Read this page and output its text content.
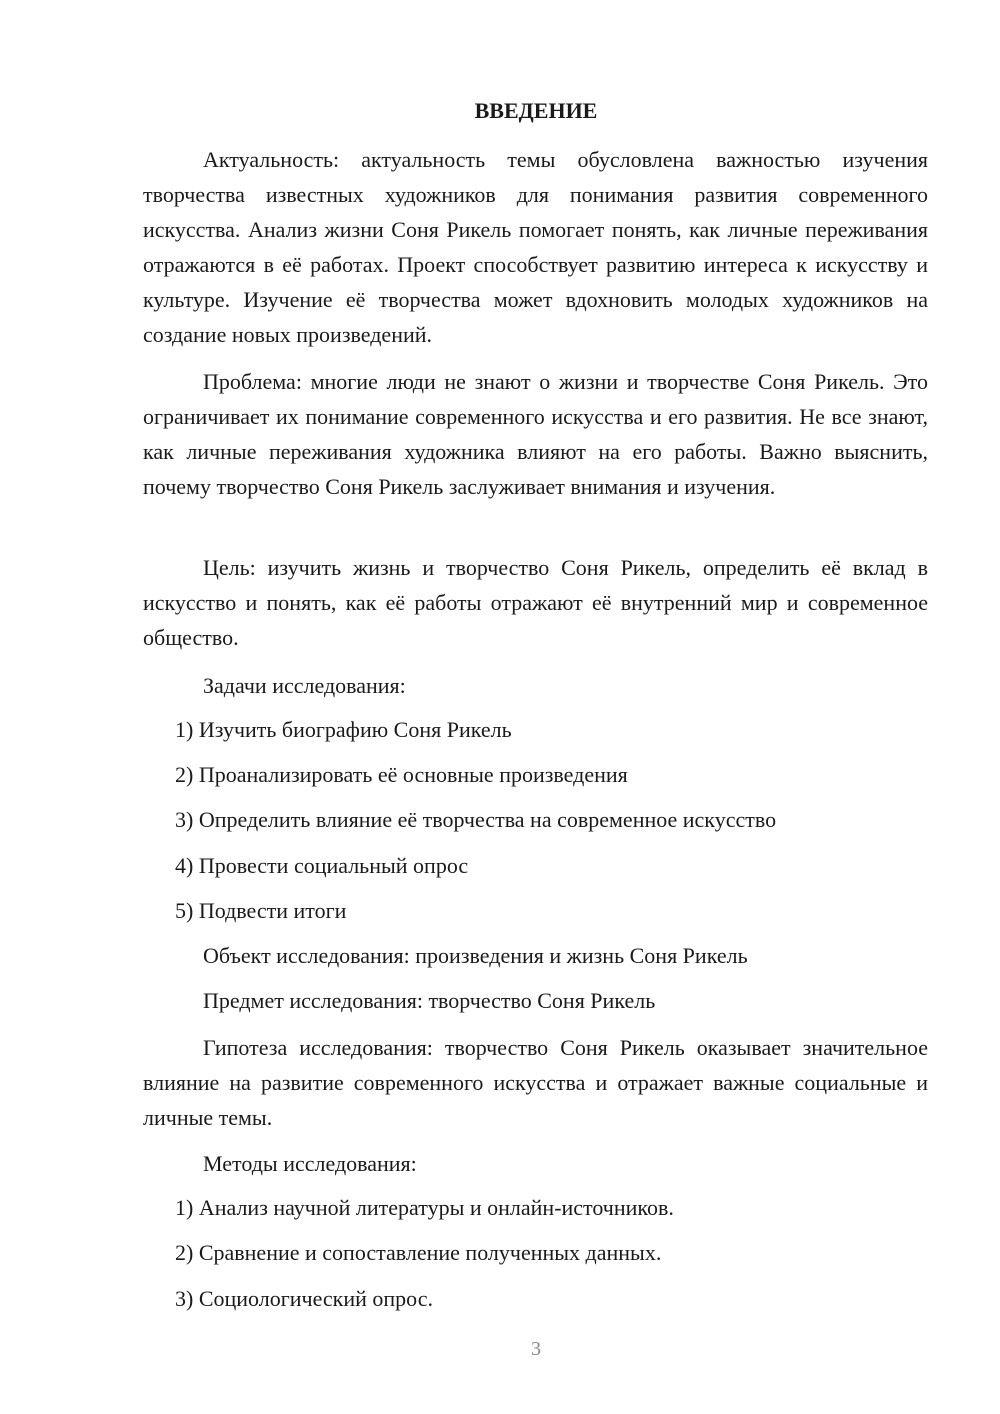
ВВЕДЕНИЕ

Актуальность: актуальность темы обусловлена важностью изучения творчества известных художников для понимания развития современного искусства. Анализ жизни Соня Рикель помогает понять, как личные переживания отражаются в её работах. Проект способствует развитию интереса к искусству и культуре. Изучение её творчества может вдохновить молодых художников на создание новых произведений.

Проблема: многие люди не знают о жизни и творчестве Соня Рикель. Это ограничивает их понимание современного искусства и его развития. Не все знают, как личные переживания художника влияют на его работы. Важно выяснить, почему творчество Соня Рикель заслуживает внимания и изучения.

Цель: изучить жизнь и творчество Соня Рикель, определить её вклад в искусство и понять, как её работы отражают её внутренний мир и современное общество.

Задачи исследования:

1) Изучить биографию Соня Рикель

2) Проанализировать её основные произведения

3) Определить влияние её творчества на современное искусство

4) Провести социальный опрос

5) Подвести итоги

Объект исследования: произведения и жизнь Соня Рикель

Предмет исследования: творчество Соня Рикель

Гипотеза исследования: творчество Соня Рикель оказывает значительное влияние на развитие современного искусства и отражает важные социальные и личные темы.

Методы исследования:

1) Анализ научной литературы и онлайн-источников.

2) Сравнение и сопоставление полученных данных.

3) Социологический опрос.

3
